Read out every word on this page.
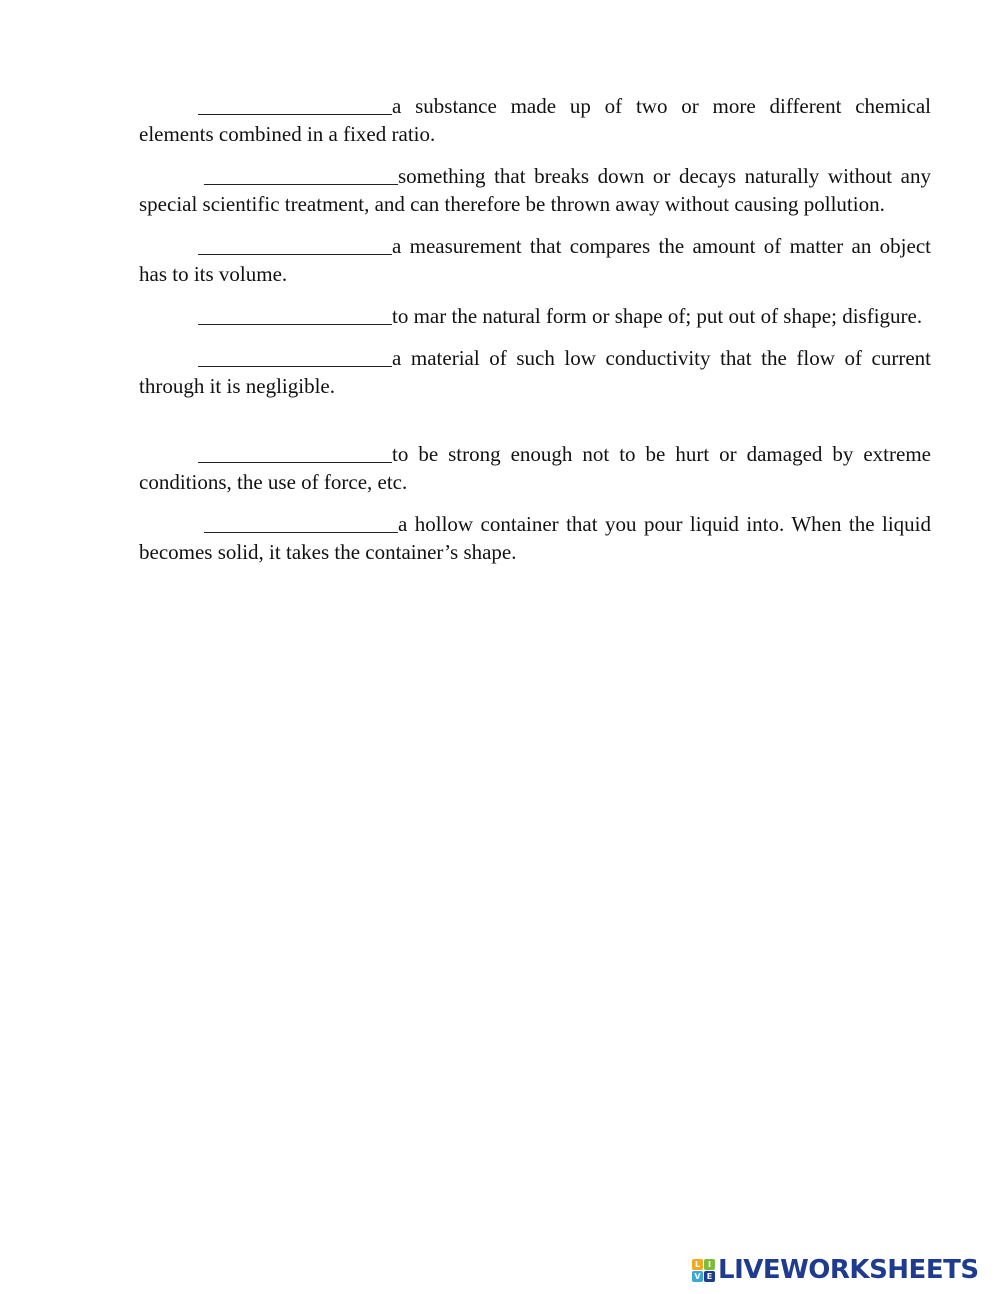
a substance made up of two or more different chemical elements combined in a fixed ratio.

something that breaks down or decays naturally without any special scientific treatment, and can therefore be thrown away without causing pollution.

a measurement that compares the amount of matter an object has to its volume.

to mar the natural form or shape of; put out of shape; disfigure.

a material of such low conductivity that the flow of current through it is negligible.

to be strong enough not to be hurt or damaged by extreme conditions, the use of force, etc.

a hollow container that you pour liquid into. When the liquid becomes solid, it takes the container’s shape.

L I
V E LIVEWORKSHEETS
